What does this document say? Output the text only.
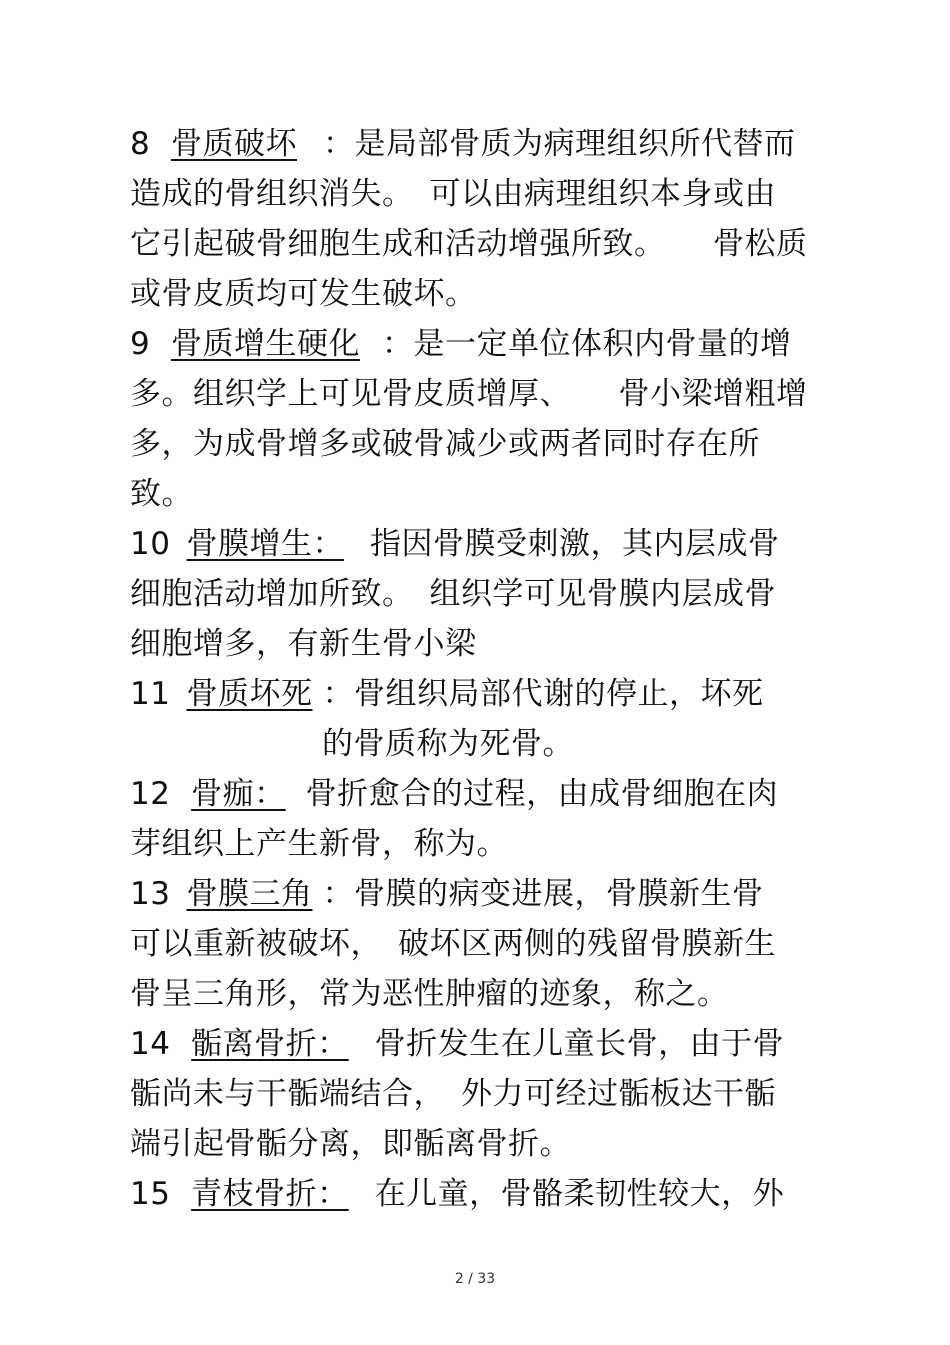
8 骨质破坏 ：是局部骨质为病理组织所代替而
造成的骨组织消失。　可以由病理组织本身或由
它引起破骨细胞生成和活动增强所致。　　骨松质
或骨皮质均可发生破坏。
9 骨质增生硬化 ：是一定单位体积内骨量的增
多。组织学上可见骨皮质增厚、　　骨小梁增粗增
多，为成骨增多或破骨减少或两者同时存在所
致。
10 骨膜增生： 指因骨膜受刺激，其内层成骨
细胞活动增加所致。　组织学可见骨膜内层成骨
细胞增多，有新生骨小梁
11 骨质坏死 ：骨组织局部代谢的停止，坏死
的骨质称为死骨。
12 骨痂： 骨折愈合的过程，由成骨细胞在肉
芽组织上产生新骨，称为。
13 骨膜三角 ：骨膜的病变进展，骨膜新生骨
可以重新被破坏，　破坏区两侧的残留骨膜新生
骨呈三角形，常为恶性肿瘤的迹象，称之。
14 骺离骨折： 骨折发生在儿童长骨，由于骨
骺尚未与干骺端结合，　外力可经过骺板达干骺
端引起骨骺分离，即骺离骨折。
15 青枝骨折： 在儿童，骨骼柔韧性较大，外
2 / 33
